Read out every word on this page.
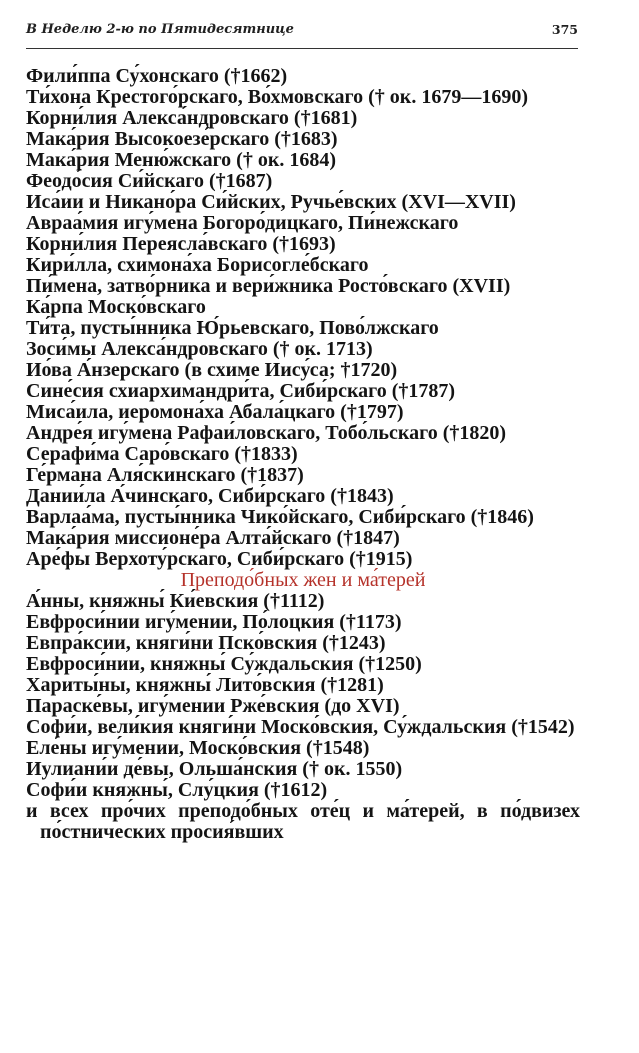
В Неделю 2-ю по Пятидесятнице	375

Фили́ппа Су́хонскаго (†1662)

Ти́хона Крестого́рскаго, Во́хмовскаго († ок. 1679—1690)

Корни́лия Алекса́ндровскаго (†1681)

Мака́рия Высокоезе́рскаго (†1683)

Мака́рия Меню́жскаго († ок. 1684)

Феодо́сия Си́йскаго (†1687)

Иса́ии и Никано́ра Си́йских, Ручье́вских (XVI—XVII)

Авраа́мия игу́мена Богоро́дицкаго, Пи́нежскаго

Корни́лия Переясла́вскаго (†1693)

Кири́лла, схимона́ха Борисогле́бскаго

Пи́мена, затво́рника и вери́жника Росто́вскаго (XVII)

Ка́рпа Моско́вскаго

Ти́та, пусты́нника Ю́рьевскаго, Пово́лжскаго

Зоси́мы Алекса́ндровскаго († ок. 1713)

Ио́ва А́нзерскаго (в схиме Иису́са; †1720)

Сине́сия схиархимандри́та, Сиби́рскаго (†1787)

Миса́ила, иеромона́ха Абала́цкаго (†1797)

Андре́я игу́мена Рафаи́ловскаго, Тобо́льскаго (†1820)

Серафи́ма Саро́вскаго (†1833)

Ге́рмана Аля́скинскаго (†1837)

Дании́ла А́чинскаго, Сиби́рскаго (†1843)

Варлаа́ма, пусты́нника Чико́йскаго, Сиби́рскаго (†1846)

Мака́рия миссионе́ра Алта́йскаго (†1847)

Аре́фы Верхоту́рскаго, Сиби́рскаго (†1915)

Преподо́бных жен и ма́терей

А́нны, княжны́ Ки́евския (†1112)

Евфроси́нии игу́мении, По́лоцкия (†1173)

Евпра́ксии, княги́ни Пско́вския (†1243)

Евфроси́нии, княжны́ Су́ждальския (†1250)

Хариты́ны, княжны́ Лито́вския (†1281)

Параске́вы, игу́мении Рже́вския (до XVI)

Софи́и, вели́кия княги́ни Моско́вския, Су́ждальския (†1542)

Еле́ны игу́мении, Моско́вския (†1548)

Иулиани́и де́вы, Ольша́нския († ок. 1550)

Софи́и княжны́, Слу́цкия (†1612)

и всех про́чих преподо́бных оте́ц и ма́терей, в по́двизех по́стнических просия́вших
